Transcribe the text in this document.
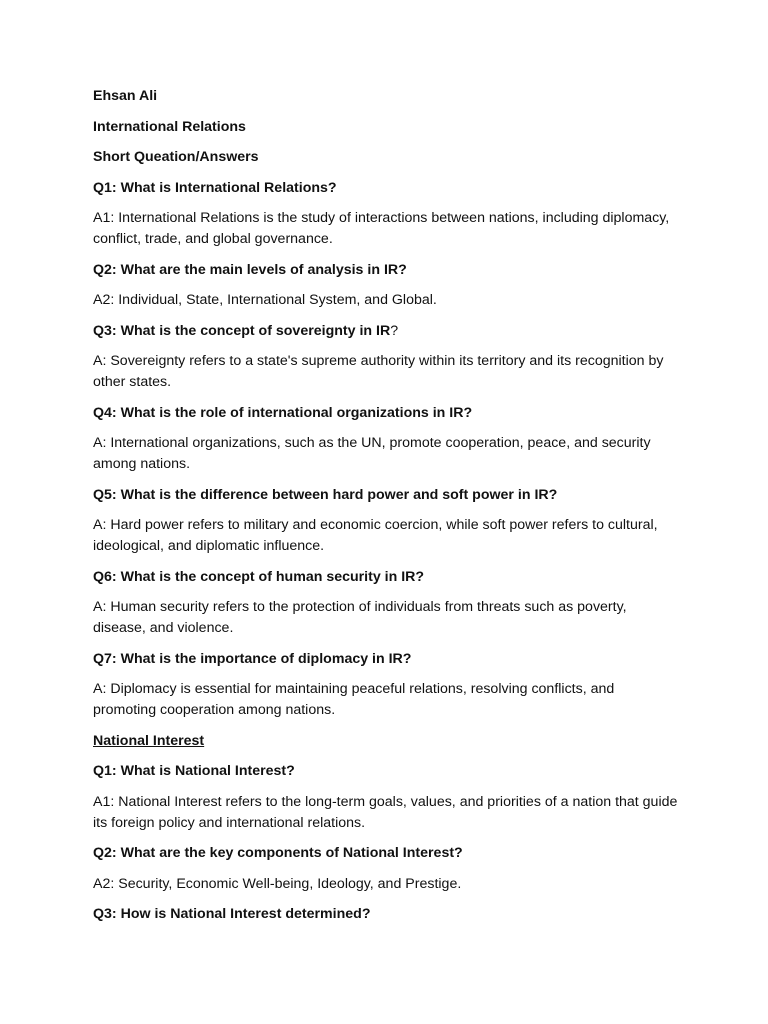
Ehsan Ali

International Relations

Short Queation/Answers

Q1: What is International Relations?

A1: International Relations is the study of interactions between nations, including diplomacy, conflict, trade, and global governance.

Q2: What are the main levels of analysis in IR?

A2: Individual, State, International System, and Global.

Q3: What is the concept of sovereignty in IR?

A: Sovereignty refers to a state's supreme authority within its territory and its recognition by other states.

Q4: What is the role of international organizations in IR?

A: International organizations, such as the UN, promote cooperation, peace, and security among nations.

Q5: What is the difference between hard power and soft power in IR?

A: Hard power refers to military and economic coercion, while soft power refers to cultural, ideological, and diplomatic influence.

Q6: What is the concept of human security in IR?

A: Human security refers to the protection of individuals from threats such as poverty, disease, and violence.

Q7: What is the importance of diplomacy in IR?

A: Diplomacy is essential for maintaining peaceful relations, resolving conflicts, and promoting cooperation among nations.

National Interest

Q1: What is National Interest?

A1: National Interest refers to the long-term goals, values, and priorities of a nation that guide its foreign policy and international relations.

Q2: What are the key components of National Interest?

A2: Security, Economic Well-being, Ideology, and Prestige.

Q3: How is National Interest determined?
